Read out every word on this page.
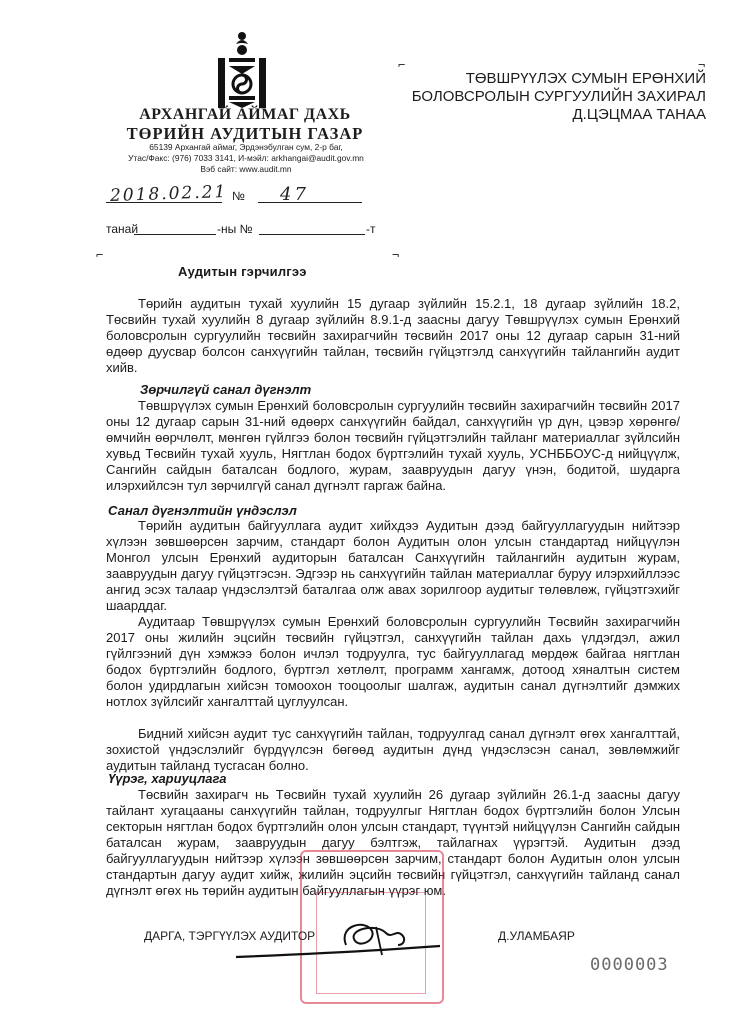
АРХАНГАЙ АЙМАГ ДАХЬ
ТӨРИЙН АУДИТЫН ГАЗАР
65139 Архангай аймаг, Эрдэнэбулган сум, 2-р баг,
Утас/Факс: (976) 7033 3141, И-мэйл: arkhangai@audit.gov.mn
Вэб сайт: www.audit.mn
⌐	¬
ТӨВШРҮҮЛЭХ СУМЫН ЕРӨНХИЙ
БОЛОВСРОЛЫН СУРГУУЛИЙН ЗАХИРАЛ
Д.ЦЭЦМАА ТАНАА
2018.02.21 № 47
танай	-ны №	-т
⌐	¬
Аудитын гэрчилгээ
Төрийн аудитын тухай хуулийн 15 дугаар зүйлийн 15.2.1, 18 дугаар зүйлийн 18.2, Төсвийн тухай хуулийн 8 дугаар зүйлийн 8.9.1-д заасны дагуу Төвшрүүлэх сумын Ерөнхий боловсролын сургуулийн төсвийн захирагчийн төсвийн 2017 оны 12 дугаар сарын 31-ний өдөөр дуусвар болсон санхүүгийн тайлан, төсвийн гүйцэтгэлд санхүүгийн тайлангийн аудит хийв.
Зөрчилгүй санал дүгнэлт
Төвшрүүлэх сумын Ерөнхий боловсролын сургуулийн төсвийн захирагчийн төсвийн 2017 оны 12 дугаар сарын 31-ний өдөөрх санхүүгийн байдал, санхүүгийн үр дүн, цэвэр хөрөнгө/өмчийн өөрчлөлт, мөнгөн гүйлгээ болон төсвийн гүйцэтгэлийн тайланг материаллаг зүйлсийн хувьд Төсвийн тухай хууль, Нягтлан бодох бүртгэлийн тухай хууль, УСНББОУС-д нийцүүлж, Сангийн сайдын баталсан бодлого, журам, заавруудын дагуу үнэн, бодитой, шударга илэрхийлсэн тул зөрчилгүй санал дүгнэлт гаргаж байна.
Санал дүгнэлтийн үндэслэл
Төрийн аудитын байгууллага аудит хийхдээ Аудитын дээд байгууллагуудын нийтээр хүлээн зөвшөөрсөн зарчим, стандарт болон Аудитын олон улсын стандартад нийцүүлэн Монгол улсын Ерөнхий аудиторын баталсан Санхүүгийн тайлангийн аудитын журам, заавруудын дагуу гүйцэтгэсэн. Эдгээр нь санхүүгийн тайлан материаллаг буруу илэрхийллээс ангид эсэх талаар үндэслэлтэй баталгаа олж авах зорилгоор аудитыг төлөвлөж, гүйцэтгэхийг шаарддаг.
Аудитаар Төвшрүүлэх сумын Ерөнхий боловсролын сургуулийн Төсвийн захирагчийн 2017 оны жилийн эцсийн төсвийн гүйцэтгэл, санхүүгийн тайлан дахь үлдэгдэл, ажил гүйлгээний дүн хэмжээ болон ичлэл тодруулга, тус байгууллагад мөрдөж байгаа нягтлан бодох бүртгэлийн бодлого, бүртгэл хөтлөлт, программ хангамж, дотоод хяналтын систем болон удирдлагын хийсэн томоохон тооцоолыг шалгаж, аудитын санал дүгнэлтийг дэмжих нотлох зүйлсийг хангалттай цуглуулсан.
Бидний хийсэн аудит тус санхүүгийн тайлан, тодруулгад санал дүгнэлт өгөх хангалттай, зохистой үндэслэлийг бүрдүүлсэн бөгөөд аудитын дүнд үндэслэсэн санал, зөвлөмжийг аудитын тайланд тусгасан болно.
Үүрэг, хариуцлага
Төсвийн захирагч нь Төсвийн тухай хуулийн 26 дугаар зүйлийн 26.1-д заасны дагуу тайлант хугацааны санхүүгийн тайлан, тодруулгыг Нягтлан бодох бүртгэлийн болон Улсын секторын нягтлан бодох бүртгэлийн олон улсын стандарт, түүнтэй нийцүүлэн Сангийн сайдын баталсан журам, заавруудын дагуу бэлтгэж, тайлагнах үүрэгтэй. Аудитын дээд байгууллагуудын нийтээр хүлээн зөвшөөрсөн зарчим, стандарт болон Аудитын олон улсын стандартын дагуу аудит хийж, жилийн эцсийн төсвийн гүйцэтгэл, санхүүгийн тайланд санал дүгнэлт өгөх нь төрийн аудитын байгууллагын үүрэг юм.
ДАРГА, ТЭРГҮҮЛЭХ АУДИТОР	Д.УЛАМБАЯР
0000003
